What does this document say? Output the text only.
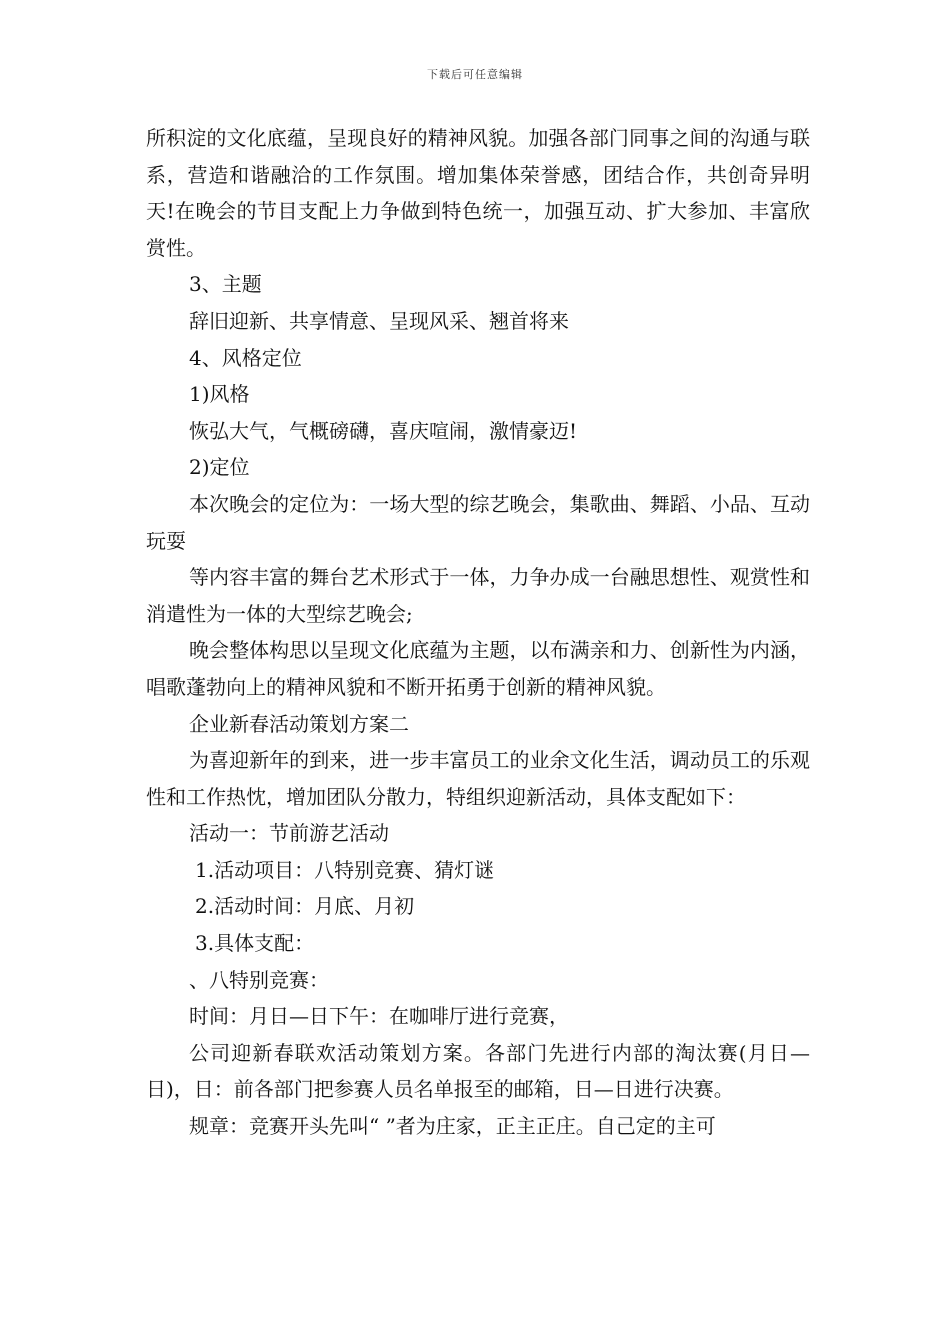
下载后可任意编辑

所积淀的文化底蕴，呈现良好的精神风貌。加强各部门同事之间的沟通与联系，营造和谐融洽的工作氛围。增加集体荣誉感，团结合作，共创奇异明天!在晚会的节目支配上力争做到特色统一，加强互动、扩大参加、丰富欣赏性。

3、主题

辞旧迎新、共享情意、呈现风采、翘首将来

4、风格定位

1)风格

恢弘大气，气概磅礴，喜庆喧闹，激情豪迈!

2)定位

本次晚会的定位为：一场大型的综艺晚会，集歌曲、舞蹈、小品、互动玩耍

等内容丰富的舞台艺术形式于一体，力争办成一台融思想性、观赏性和消遣性为一体的大型综艺晚会;

晚会整体构思以呈现文化底蕴为主题，以布满亲和力、创新性为内涵，唱歌蓬勃向上的精神风貌和不断开拓勇于创新的精神风貌。

企业新春活动策划方案二

为喜迎新年的到来，进一步丰富员工的业余文化生活，调动员工的乐观性和工作热忱，增加团队分散力，特组织迎新活动，具体支配如下：

活动一：节前游艺活动

1.活动项目：八特别竞赛、猜灯谜

2.活动时间：月底、月初

3.具体支配：

、八特别竞赛：

时间：月日—日下午：在咖啡厅进行竞赛，

公司迎新春联欢活动策划方案。各部门先进行内部的淘汰赛(月日—日)，日：前各部门把参赛人员名单报至的邮箱，日—日进行决赛。

规章：竞赛开头先叫“ ”者为庄家，正主正庄。自己定的主可
